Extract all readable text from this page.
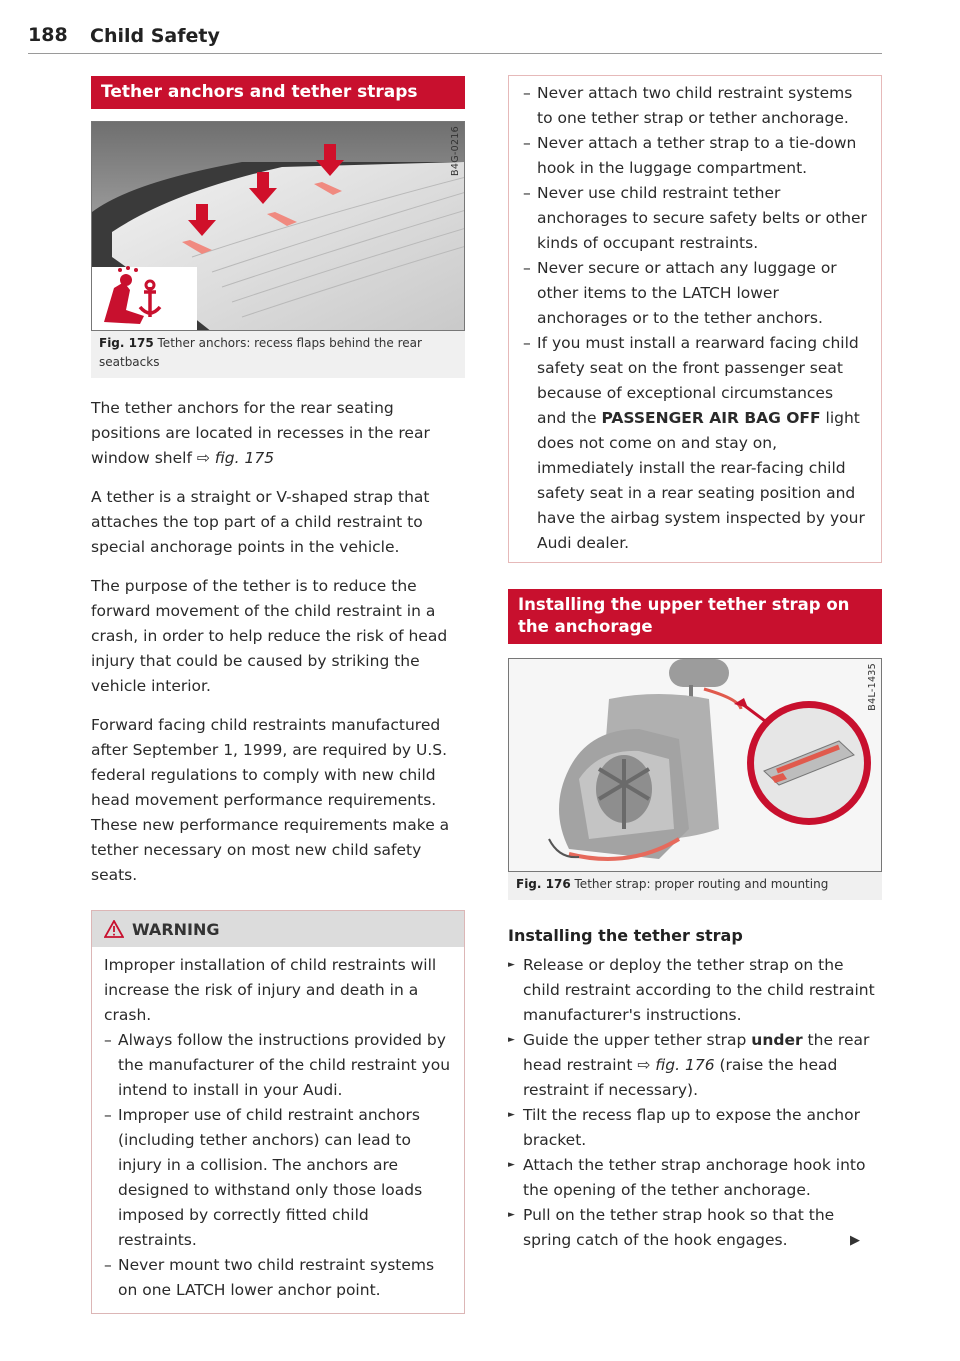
188 Child Safety
Tether anchors and tether straps
B4G-0216
Fig. 175 Tether anchors: recess flaps behind the rear seatbacks

The tether anchors for the rear seating positions are located in recesses in the rear window shelf ⇨ fig. 175

A tether is a straight or V-shaped strap that attaches the top part of a child restraint to special anchorage points in the vehicle.

The purpose of the tether is to reduce the forward movement of the child restraint in a crash, in order to help reduce the risk of head injury that could be caused by striking the vehicle interior.

Forward facing child restraints manufactured after September 1, 1999, are required by U.S. federal regulations to comply with new child head movement performance requirements. These new performance requirements make a tether necessary on most new child safety seats.

WARNING

Improper installation of child restraints will increase the risk of injury and death in a crash.

– Always follow the instructions provided by the manufacturer of the child restraint you intend to install in your Audi.

– Improper use of child restraint anchors (including tether anchors) can lead to injury in a collision. The anchors are designed to withstand only those loads imposed by correctly fitted child restraints.

– Never mount two child restraint systems on one LATCH lower anchor point.

– Never attach two child restraint systems to one tether strap or tether anchorage.

– Never attach a tether strap to a tie-down hook in the luggage compartment.

– Never use child restraint tether anchorages to secure safety belts or other kinds of occupant restraints.

– Never secure or attach any luggage or other items to the LATCH lower anchorages or to the tether anchors.

– If you must install a rearward facing child safety seat on the front passenger seat because of exceptional circumstances and the PASSENGER AIR BAG OFF light does not come on and stay on, immediately install the rear-facing child safety seat in a rear seating position and have the airbag system inspected by your Audi dealer.

Installing the upper tether strap on the anchorage
B4L-1435
Fig. 176 Tether strap: proper routing and mounting
Installing the tether strap

► Release or deploy the tether strap on the child restraint according to the child restraint manufacturer's instructions.

► Guide the upper tether strap under the rear head restraint ⇨ fig. 176 (raise the head restraint if necessary).

► Tilt the recess flap up to expose the anchor bracket.

► Attach the tether strap anchorage hook into the opening of the tether anchorage.

► Pull on the tether strap hook so that the spring catch of the hook engages.	▶
